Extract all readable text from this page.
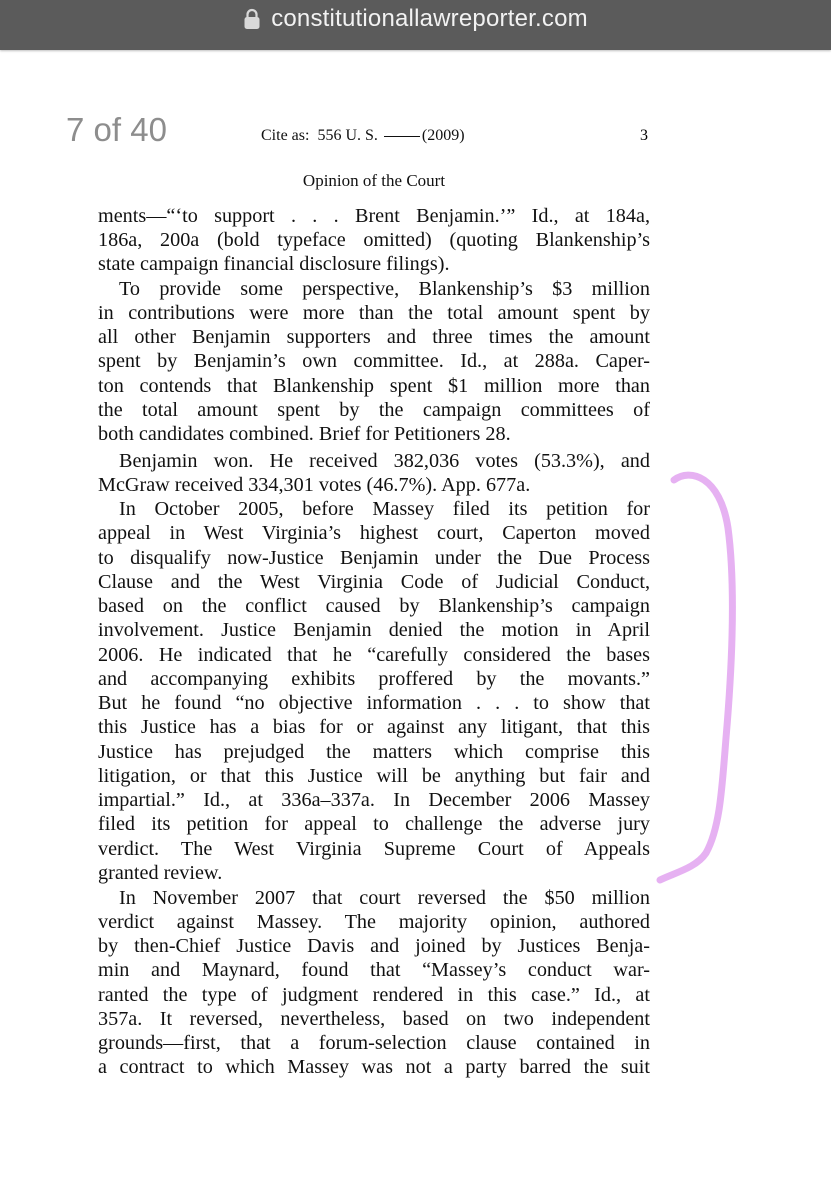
constitutionallawreporter.com
7 of 40	Cite as:  556 U. S.	(2009)	3
Opinion of the Court
ments—“‘to support . . . Brent Benjamin.’” Id., at 184a,
186a, 200a (bold typeface omitted) (quoting Blankenship’s
state campaign financial disclosure filings).
To provide some perspective, Blankenship’s $3 million
in contributions were more than the total amount spent by
all other Benjamin supporters and three times the amount
spent by Benjamin’s own committee. Id., at 288a. Caper-
ton contends that Blankenship spent $1 million more than
the total amount spent by the campaign committees of
both candidates combined. Brief for Petitioners 28.
Benjamin won. He received 382,036 votes (53.3%), and
McGraw received 334,301 votes (46.7%). App. 677a.
In October 2005, before Massey filed its petition for
appeal in West Virginia’s highest court, Caperton moved
to disqualify now-Justice Benjamin under the Due Process
Clause and the West Virginia Code of Judicial Conduct,
based on the conflict caused by Blankenship’s campaign
involvement. Justice Benjamin denied the motion in April
2006. He indicated that he “carefully considered the bases
and accompanying exhibits proffered by the movants.”
But he found “no objective information . . . to show that
this Justice has a bias for or against any litigant, that this
Justice has prejudged the matters which comprise this
litigation, or that this Justice will be anything but fair and
impartial.” Id., at 336a–337a. In December 2006 Massey
filed its petition for appeal to challenge the adverse jury
verdict. The West Virginia Supreme Court of Appeals
granted review.
In November 2007 that court reversed the $50 million
verdict against Massey. The majority opinion, authored
by then-Chief Justice Davis and joined by Justices Benja-
min and Maynard, found that “Massey’s conduct war-
ranted the type of judgment rendered in this case.” Id., at
357a. It reversed, nevertheless, based on two independent
grounds—first, that a forum-selection clause contained in
a contract to which Massey was not a party barred the suit
